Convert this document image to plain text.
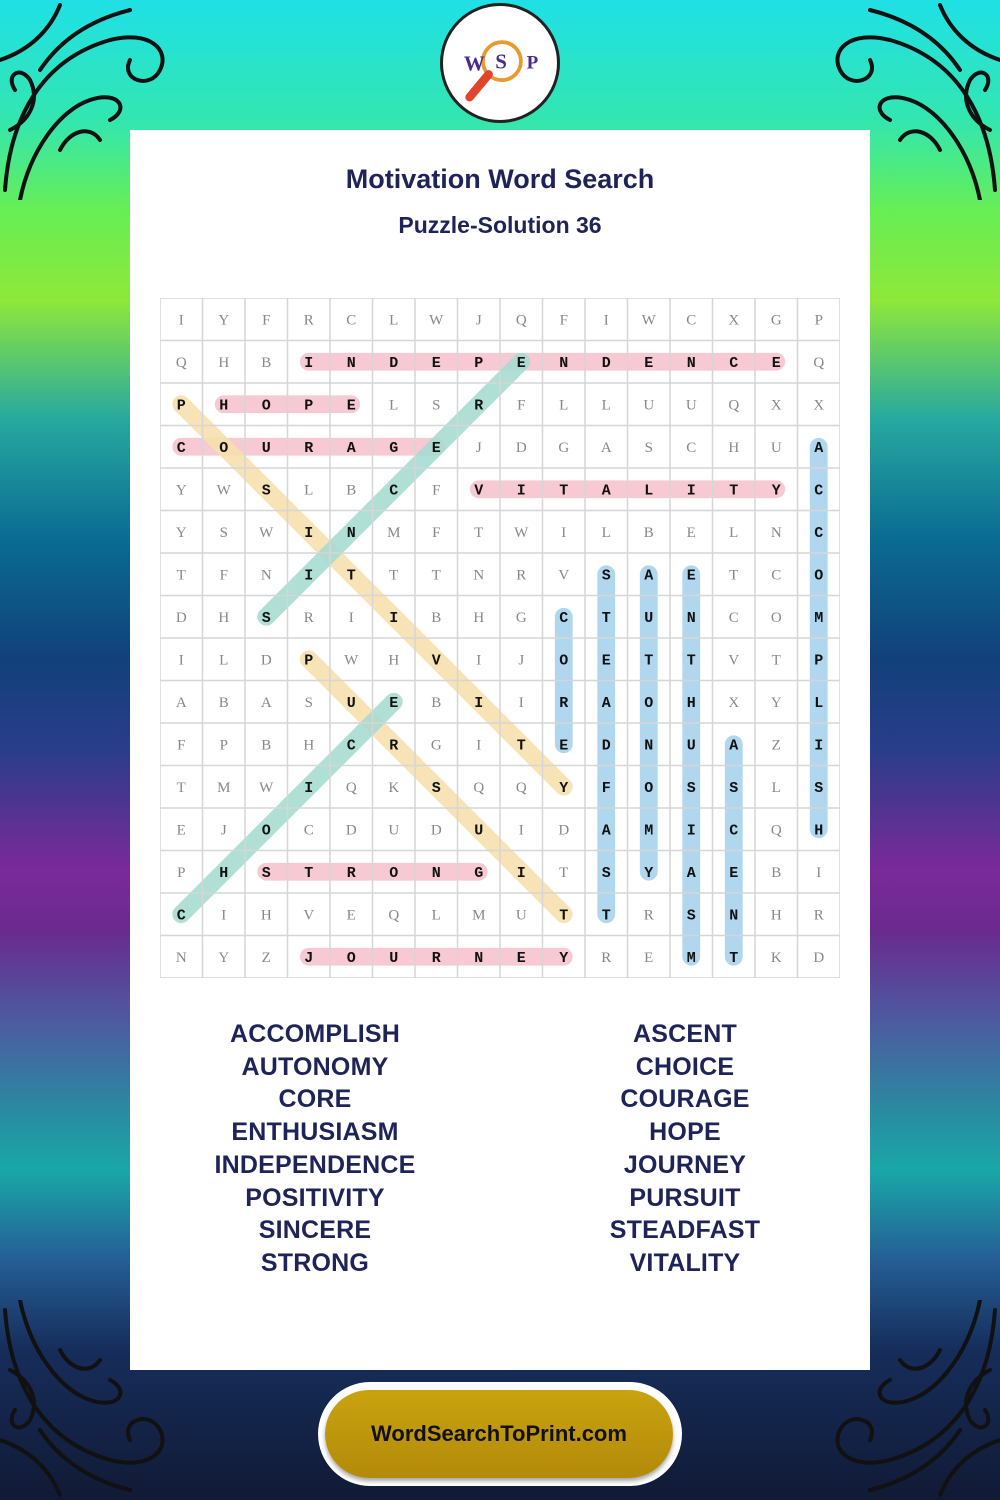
W S P
Motivation Word Search
Puzzle-Solution 36
I Y F R C L W J Q F I W C X G P
Q H B I N D E P E N D E N C E Q
P H O P E L S R F L L U U Q X X
C O U R A G E J D G A S C H U A
Y W S L B C F V I T A L I T Y C
Y S W I N M F T W I L B E L N C
T F N I T T T N R V S A E T C O
D H S R I I B H G C T U N C O M
I L D P W H V I J O E T T V T P
A B A S U E B I I R A O H X Y L
F P B H C R G I T E D N U A Z I
T M W I Q K S Q Q Y F O S S L S
E J O C D U D U I D A M I C Q H
P H S T R O N G I T S Y A E B I
C I H V E Q L M U T T R S N H R
N Y Z J O U R N E Y R E M T K D
ACCOMPLISH
AUTONOMY
CORE
ENTHUSIASM
INDEPENDENCE
POSITIVITY
SINCERE
STRONG
ASCENT
CHOICE
COURAGE
HOPE
JOURNEY
PURSUIT
STEADFAST
VITALITY
WordSearchToPrint.com
